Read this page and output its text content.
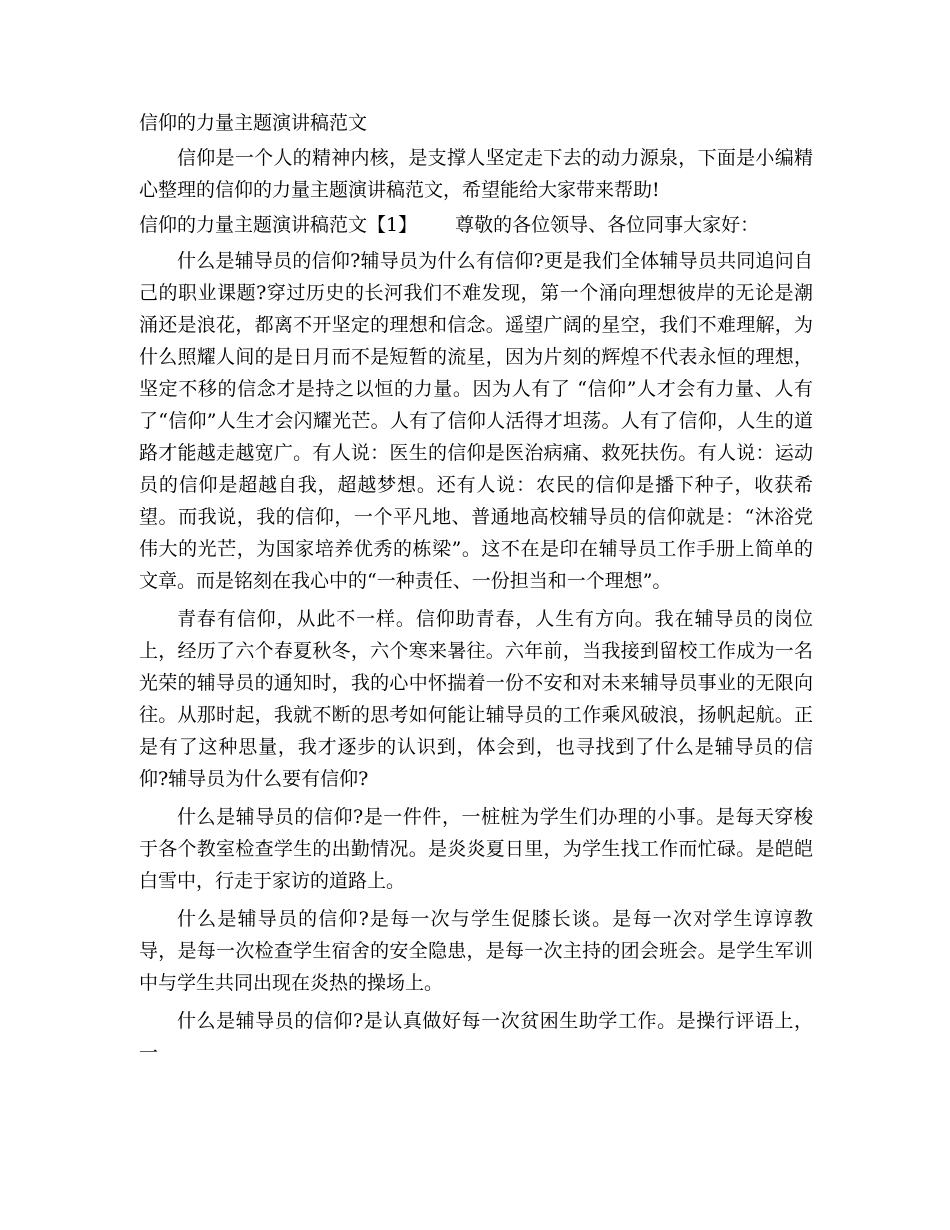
信仰的力量主题演讲稿范文

信仰是一个人的精神内核，是支撑人坚定走下去的动力源泉，下面是小编精心整理的信仰的力量主题演讲稿范文，希望能给大家带来帮助!

信仰的力量主题演讲稿范文【1】 尊敬的各位领导、各位同事大家好：

什么是辅导员的信仰?辅导员为什么有信仰?更是我们全体辅导员共同追问自己的职业课题?穿过历史的长河我们不难发现，第一个涌向理想彼岸的无论是潮涌还是浪花，都离不开坚定的理想和信念。遥望广阔的星空，我们不难理解，为什么照耀人间的是日月而不是短暂的流星，因为片刻的辉煌不代表永恒的理想，坚定不移的信念才是持之以恒的力量。因为人有了 “信仰”人才会有力量、人有了“信仰”人生才会闪耀光芒。人有了信仰人活得才坦荡。人有了信仰，人生的道路才能越走越宽广。有人说：医生的信仰是医治病痛、救死扶伤。有人说：运动员的信仰是超越自我，超越梦想。还有人说：农民的信仰是播下种子，收获希望。而我说，我的信仰，一个平凡地、普通地高校辅导员的信仰就是：“沐浴党伟大的光芒，为国家培养优秀的栋梁”。这不在是印在辅导员工作手册上简单的文章。而是铭刻在我心中的“一种责任、一份担当和一个理想”。

青春有信仰，从此不一样。信仰助青春，人生有方向。我在辅导员的岗位上，经历了六个春夏秋冬，六个寒来暑往。六年前，当我接到留校工作成为一名光荣的辅导员的通知时，我的心中怀揣着一份不安和对未来辅导员事业的无限向往。从那时起，我就不断的思考如何能让辅导员的工作乘风破浪，扬帆起航。正是有了这种思量，我才逐步的认识到，体会到，也寻找到了什么是辅导员的信仰?辅导员为什么要有信仰?

什么是辅导员的信仰?是一件件，一桩桩为学生们办理的小事。是每天穿梭于各个教室检查学生的出勤情况。是炎炎夏日里，为学生找工作而忙碌。是皑皑白雪中，行走于家访的道路上。

什么是辅导员的信仰?是每一次与学生促膝长谈。是每一次对学生谆谆教导，是每一次检查学生宿舍的安全隐患，是每一次主持的团会班会。是学生军训中与学生共同出现在炎热的操场上。

什么是辅导员的信仰?是认真做好每一次贫困生助学工作。是操行评语上，一
